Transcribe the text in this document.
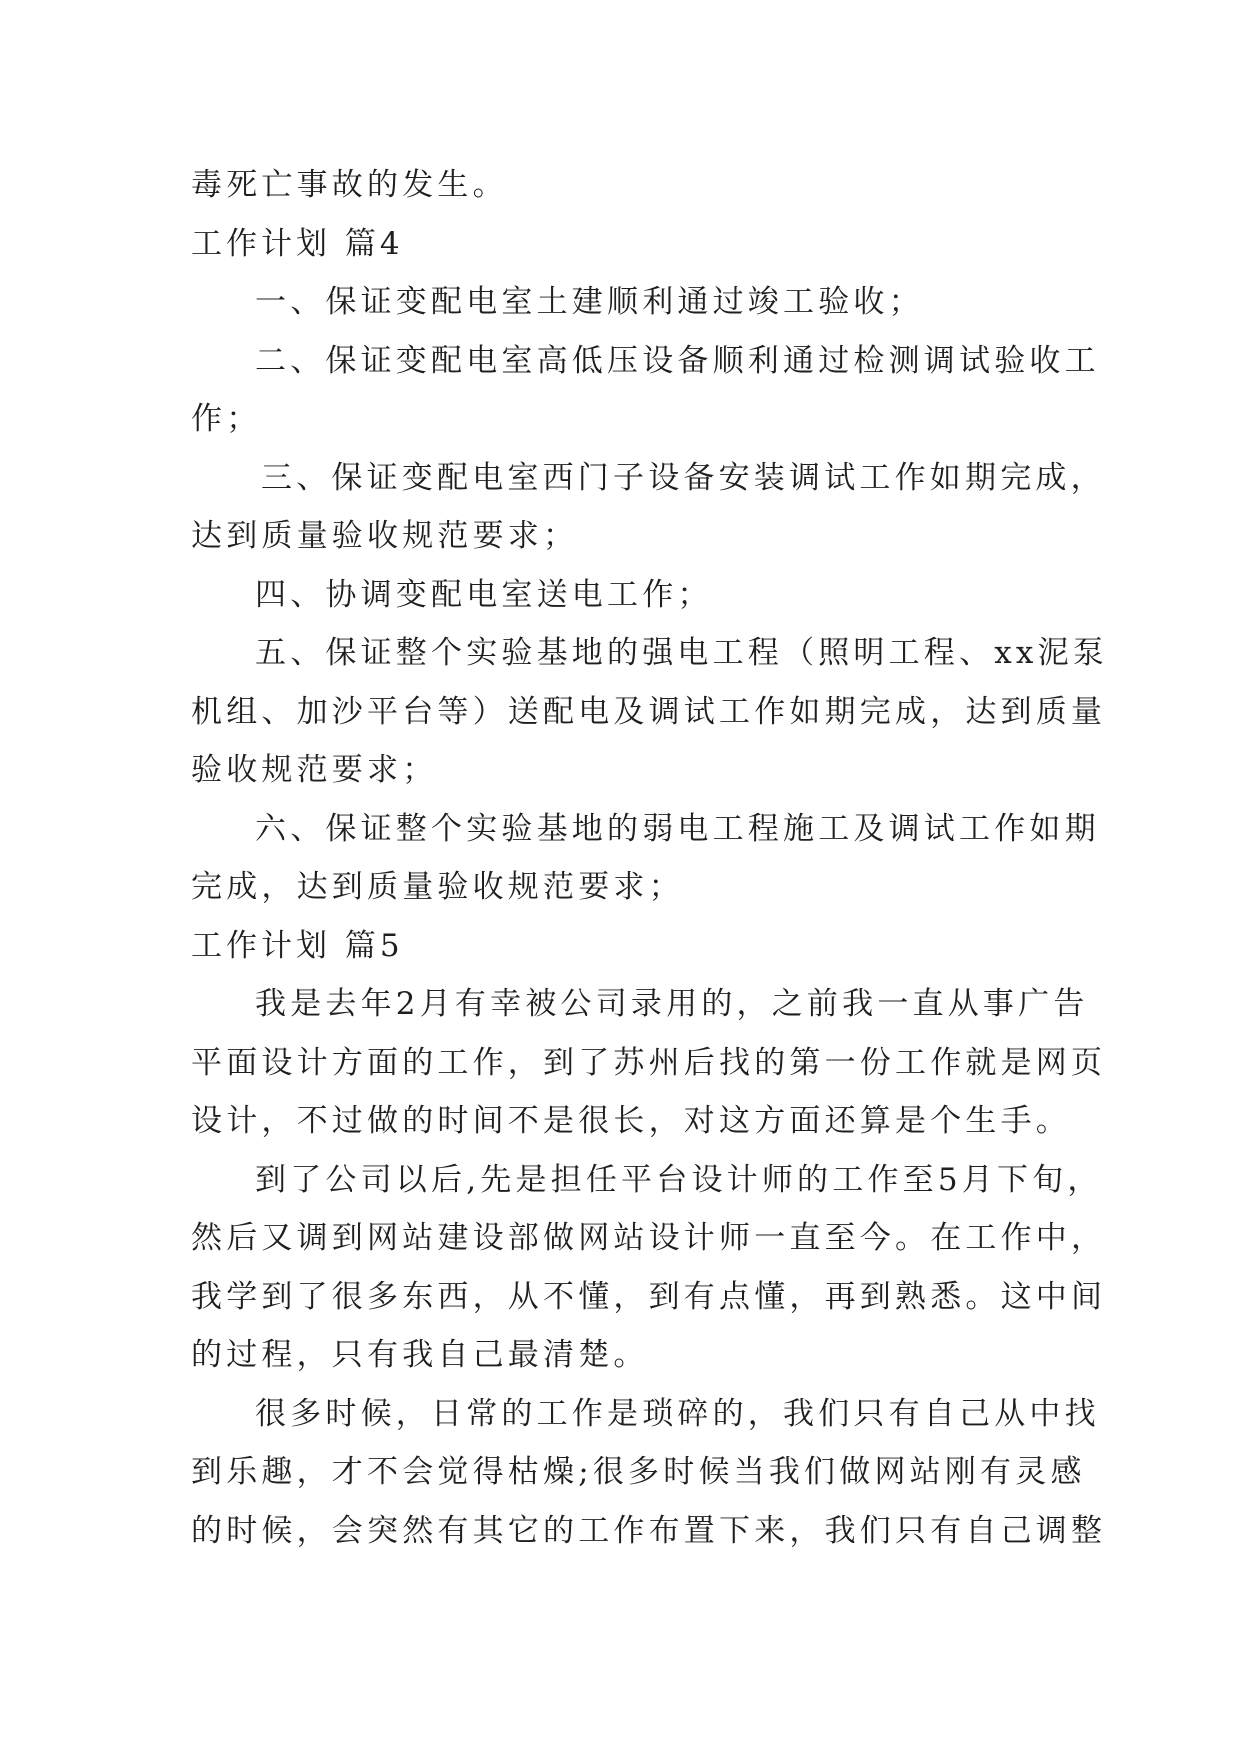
毒死亡事故的发生。
工作计划 篇4
一、保证变配电室土建顺利通过竣工验收；
二、保证变配电室高低压设备顺利通过检测调试验收工
作；
三、保证变配电室西门子设备安装调试工作如期完成，
达到质量验收规范要求；
四、协调变配电室送电工作；
五、保证整个实验基地的强电工程（照明工程、xx泥泵
机组、加沙平台等）送配电及调试工作如期完成，达到质量
验收规范要求；
六、保证整个实验基地的弱电工程施工及调试工作如期
完成，达到质量验收规范要求；
工作计划 篇5
我是去年2月有幸被公司录用的，之前我一直从事广告
平面设计方面的工作，到了苏州后找的第一份工作就是网页
设计，不过做的时间不是很长，对这方面还算是个生手。
到了公司以后,先是担任平台设计师的工作至5月下旬，
然后又调到网站建设部做网站设计师一直至今。在工作中，
我学到了很多东西，从不懂，到有点懂，再到熟悉。这中间
的过程，只有我自己最清楚。
很多时候，日常的工作是琐碎的，我们只有自己从中找
到乐趣，才不会觉得枯燥;很多时候当我们做网站刚有灵感
的时候，会突然有其它的工作布置下来，我们只有自己调整
